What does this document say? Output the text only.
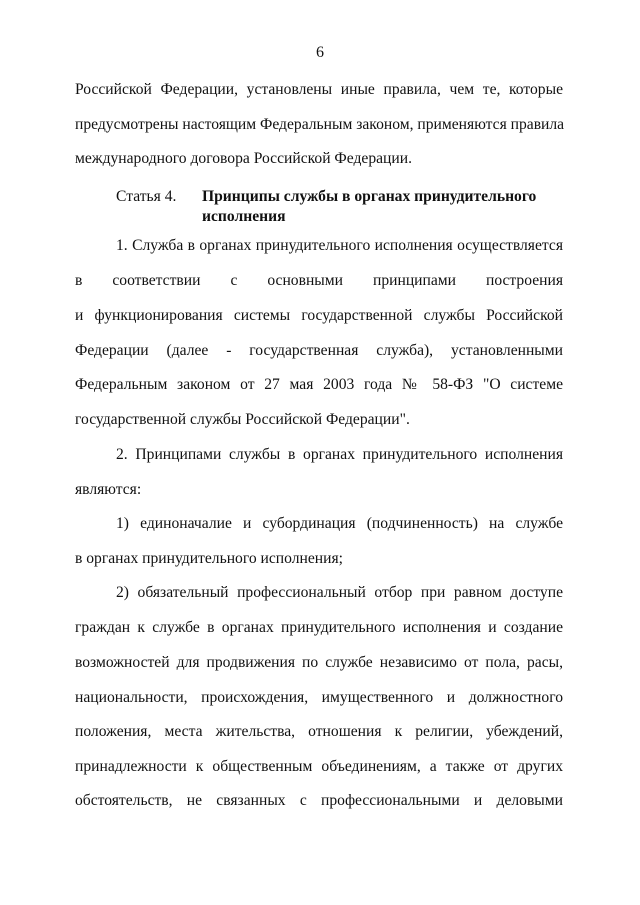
6
Российской Федерации, установлены иные правила, чем те, которые
предусмотрены настоящим Федеральным законом, применяются правила
международного договора Российской Федерации.
Статья 4. Принципы службы в органах принудительного
исполнения
1. Служба в органах принудительного исполнения осуществляется
в соответствии с основными принципами построения
и функционирования системы государственной службы Российской
Федерации (далее - государственная служба), установленными
Федеральным законом от 27 мая 2003 года № 58-ФЗ "О системе
государственной службы Российской Федерации".
2. Принципами службы в органах принудительного исполнения
являются:
1) единоначалие и субординация (подчиненность) на службе
в органах принудительного исполнения;
2) обязательный профессиональный отбор при равном доступе
граждан к службе в органах принудительного исполнения и создание
возможностей для продвижения по службе независимо от пола, расы,
национальности, происхождения, имущественного и должностного
положения, места жительства, отношения к религии, убеждений,
принадлежности к общественным объединениям, а также от других
обстоятельств, не связанных с профессиональными и деловыми
